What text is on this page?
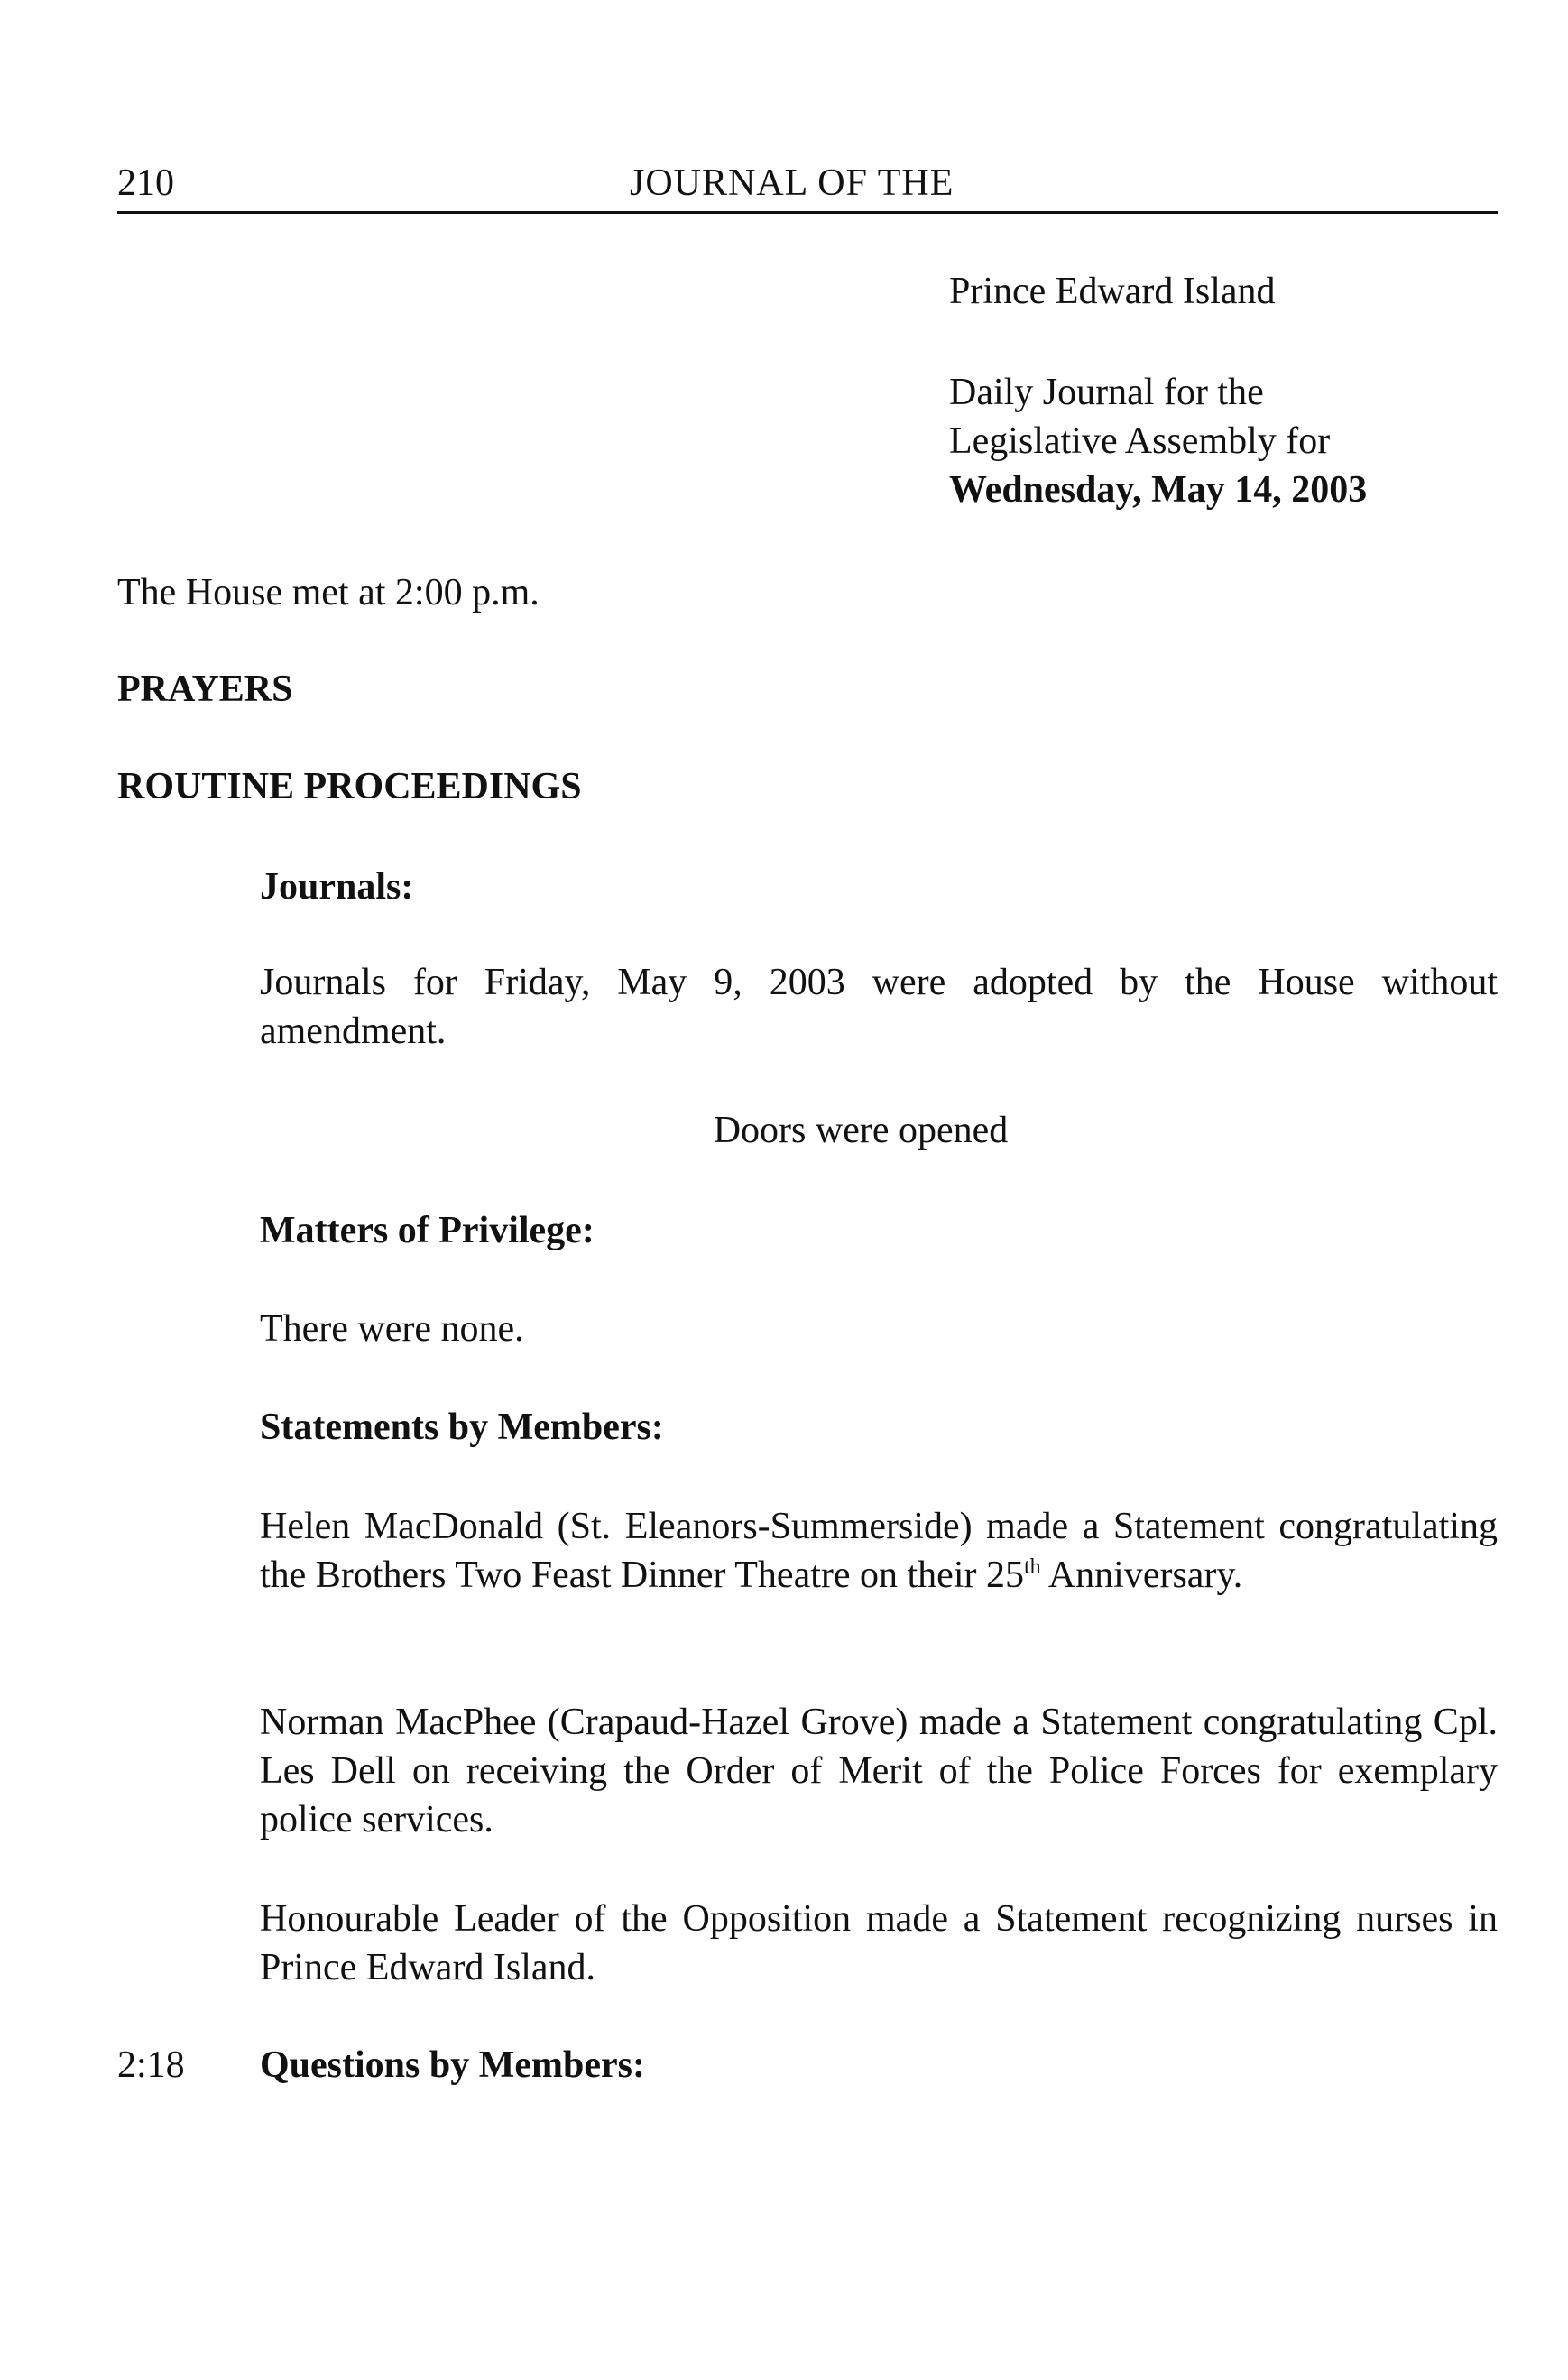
210	JOURNAL OF THE
Prince Edward Island
Daily Journal for the
Legislative Assembly for
Wednesday, May 14, 2003
The House met at 2:00 p.m.
PRAYERS
ROUTINE PROCEEDINGS
Journals:
Journals for Friday, May 9, 2003 were adopted by the House without amendment.
Doors were opened
Matters of Privilege:
There were none.
Statements by Members:
Helen MacDonald (St. Eleanors-Summerside) made a Statement congratulating the Brothers Two Feast Dinner Theatre on their 25th Anniversary.
Norman MacPhee (Crapaud-Hazel Grove) made a Statement congratulating Cpl. Les Dell on receiving the Order of Merit of the Police Forces for exemplary police services.
Honourable Leader of the Opposition made a Statement recognizing nurses in Prince Edward Island.
2:18 Questions by Members:
